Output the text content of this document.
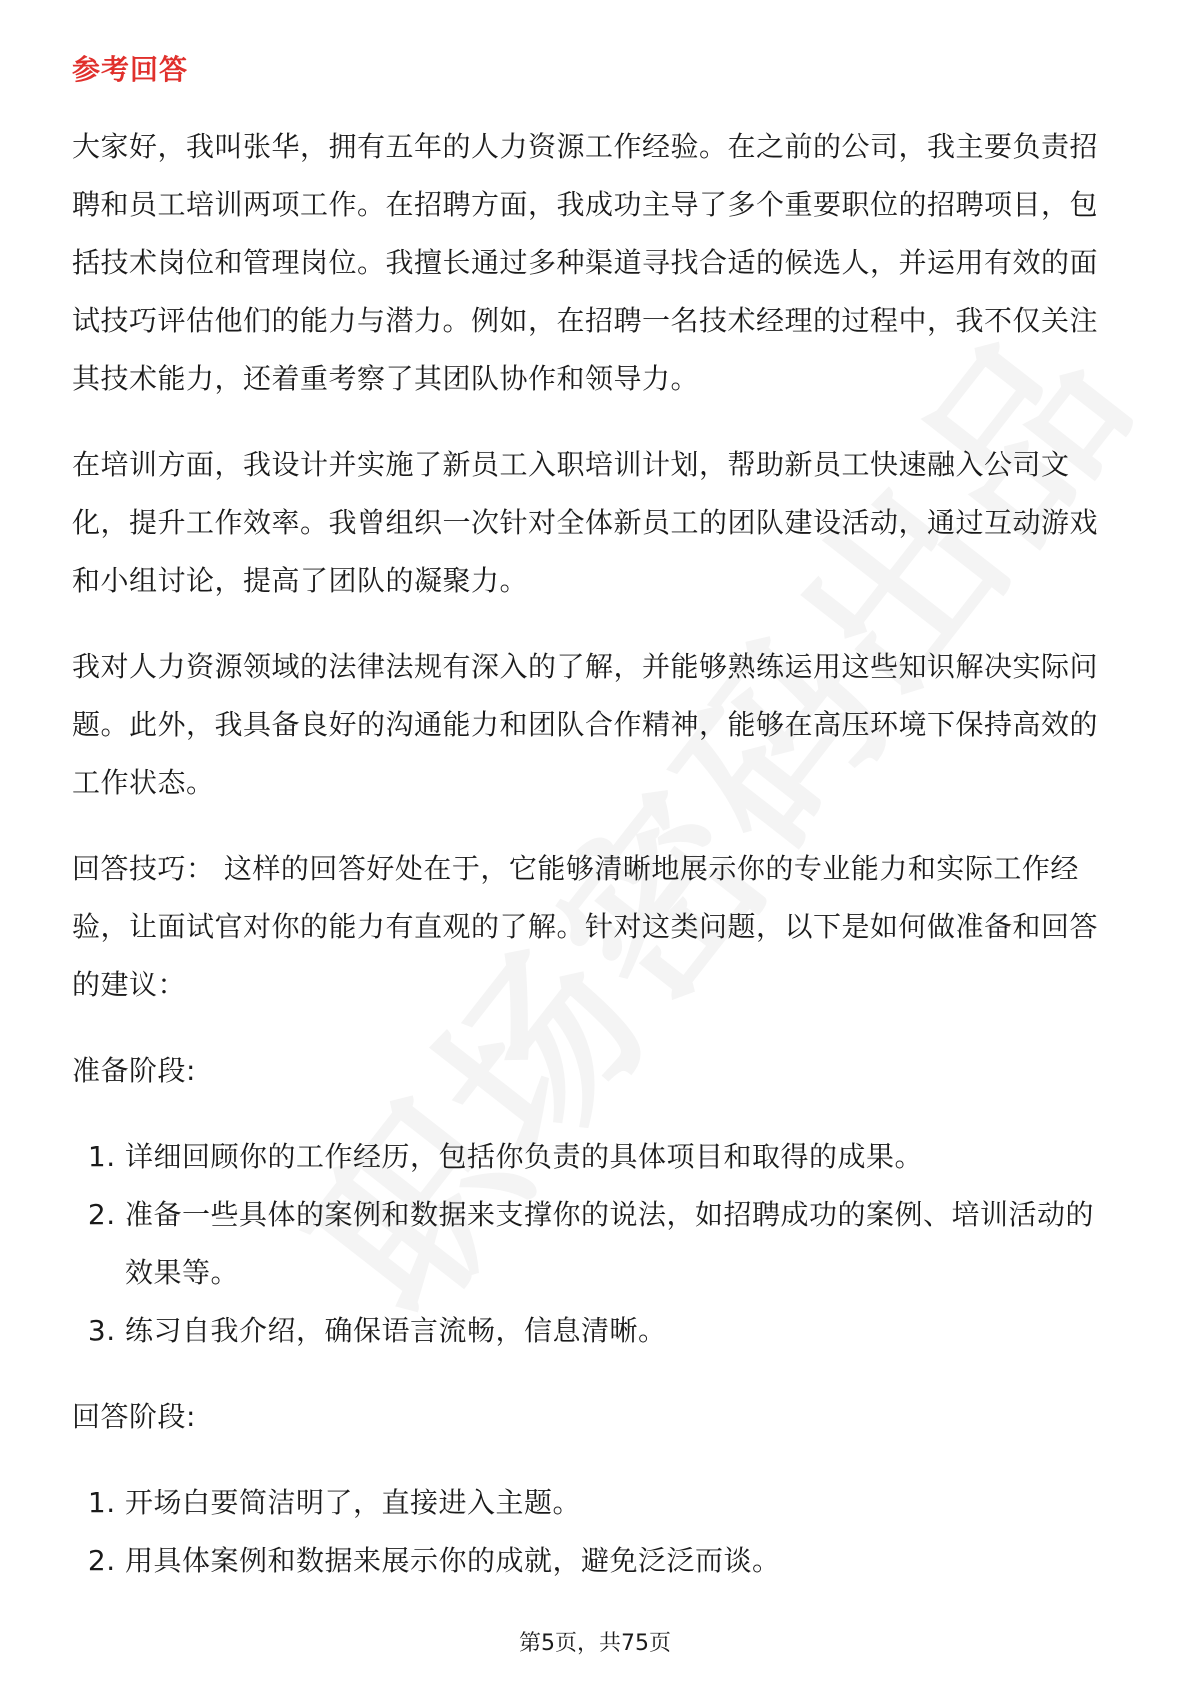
参考回答

大家好，我叫张华，拥有五年的人力资源工作经验。在之前的公司，我主要负责招聘和员工培训两项工作。在招聘方面，我成功主导了多个重要职位的招聘项目，包括技术岗位和管理岗位。我擅长通过多种渠道寻找合适的候选人，并运用有效的面试技巧评估他们的能力与潜力。例如，在招聘一名技术经理的过程中，我不仅关注其技术能力，还着重考察了其团队协作和领导力。

在培训方面，我设计并实施了新员工入职培训计划，帮助新员工快速融入公司文化，提升工作效率。我曾组织一次针对全体新员工的团队建设活动，通过互动游戏和小组讨论，提高了团队的凝聚力。

我对人力资源领域的法律法规有深入的了解，并能够熟练运用这些知识解决实际问题。此外，我具备良好的沟通能力和团队合作精神，能够在高压环境下保持高效的工作状态。

回答技巧： 这样的回答好处在于，它能够清晰地展示你的专业能力和实际工作经验，让面试官对你的能力有直观的了解。针对这类问题，以下是如何做准备和回答的建议：

准备阶段:
1. 详细回顾你的工作经历，包括你负责的具体项目和取得的成果。
2. 准备一些具体的案例和数据来支撑你的说法，如招聘成功的案例、培训活动的效果等。
3. 练习自我介绍，确保语言流畅，信息清晰。
回答阶段:
1. 开场白要简洁明了，直接进入主题。
2. 用具体案例和数据来展示你的成就，避免泛泛而谈。
第5页，共75页
